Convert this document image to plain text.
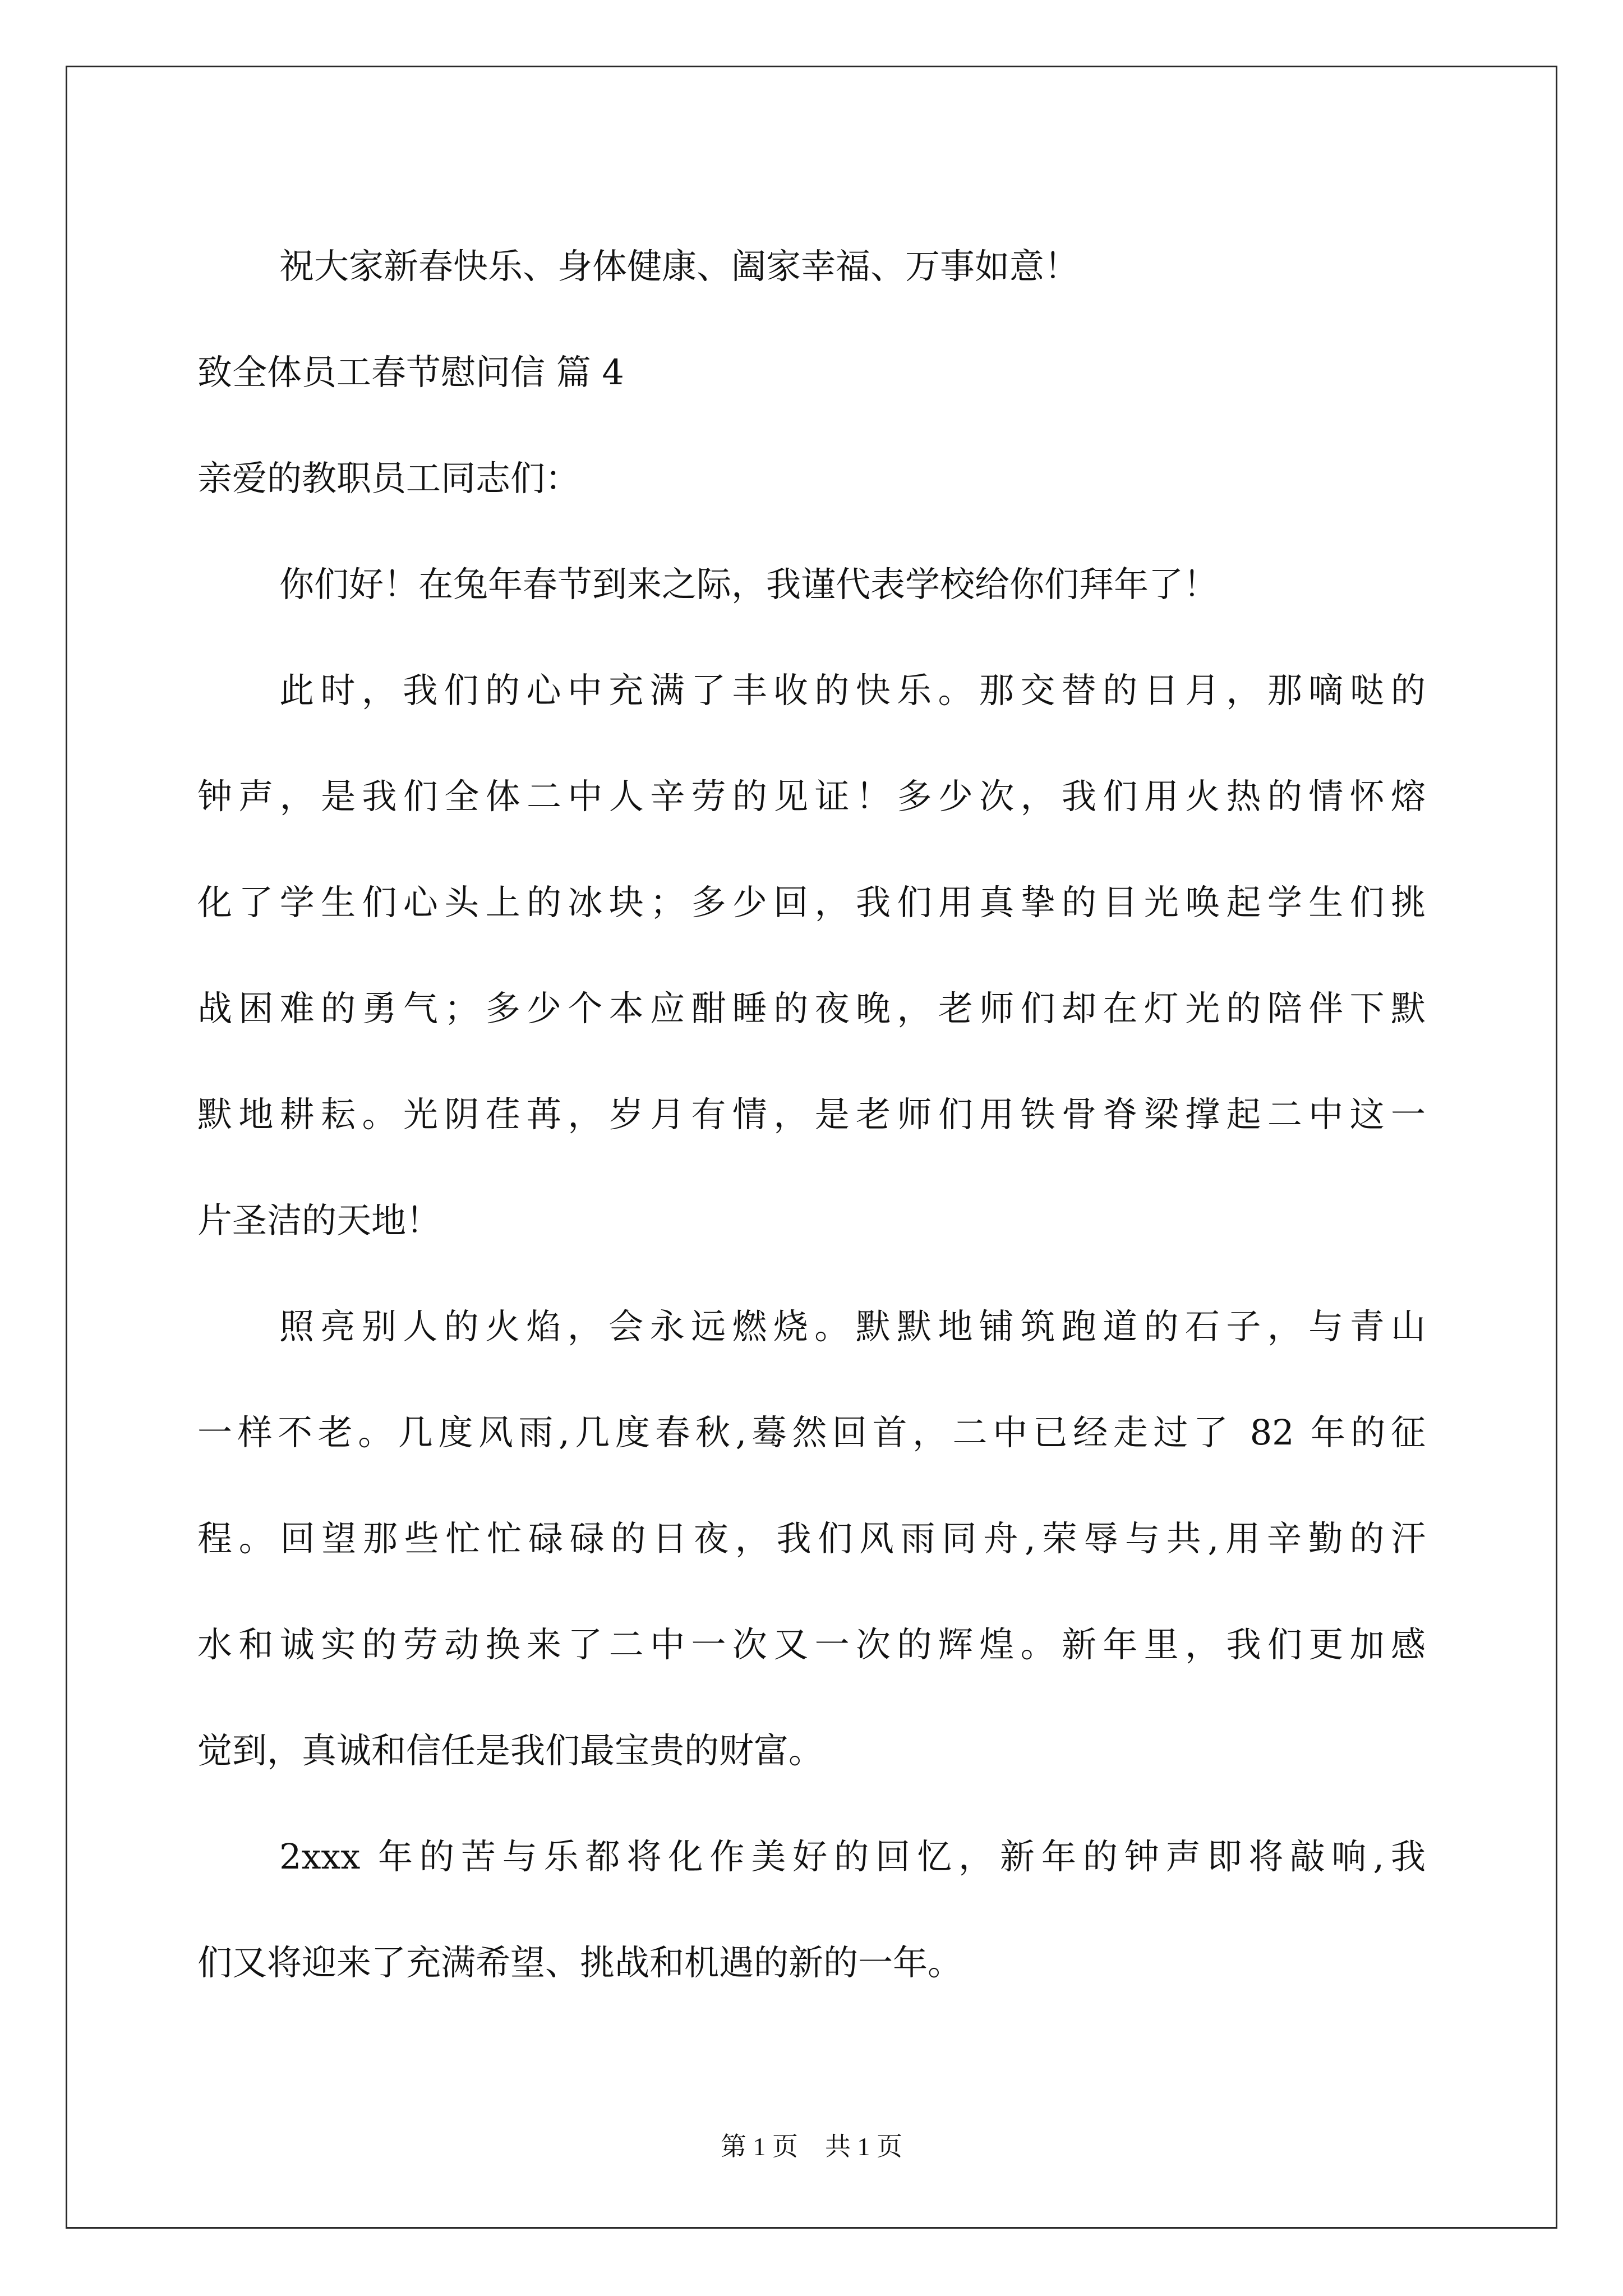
祝大家新春快乐、身体健康、阖家幸福、万事如意！
致全体员工春节慰问信 篇 4
亲爱的教职员工同志们：
你们好！在兔年春节到来之际，我谨代表学校给你们拜年了！
此时，我们的心中充满了丰收的快乐。那交替的日月，那嘀哒的
钟声，是我们全体二中人辛劳的见证！多少次，我们用火热的情怀熔
化了学生们心头上的冰块；多少回，我们用真挚的目光唤起学生们挑
战困难的勇气；多少个本应酣睡的夜晚，老师们却在灯光的陪伴下默
默地耕耘。光阴荏苒，岁月有情，是老师们用铁骨脊梁撑起二中这一
片圣洁的天地！
照亮别人的火焰，会永远燃烧。默默地铺筑跑道的石子，与青山
一样不老。几度风雨,几度春秋,蓦然回首，二中已经走过了 82 年的征
程。回望那些忙忙碌碌的日夜，我们风雨同舟,荣辱与共,用辛勤的汗
水和诚实的劳动换来了二中一次又一次的辉煌。新年里，我们更加感
觉到，真诚和信任是我们最宝贵的财富。
2xxx 年的苦与乐都将化作美好的回忆，新年的钟声即将敲响,我
们又将迎来了充满希望、挑战和机遇的新的一年。
第 1 页 共 1 页
